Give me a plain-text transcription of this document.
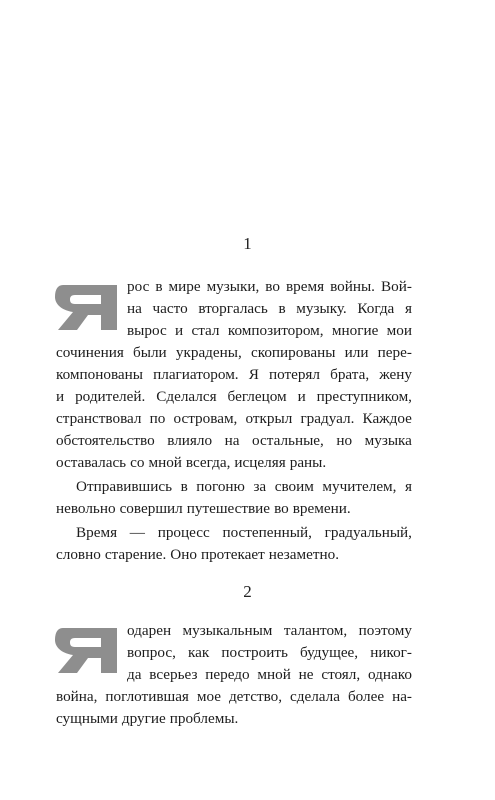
1
рос в мире музыки, во время войны. Вой-
на часто вторгалась в музыку. Когда я
вырос и стал композитором, многие мои
сочинения были украдены, скопированы или пере-
компонованы плагиатором. Я потерял брата, жену
и родителей. Сделался беглецом и преступником,
странствовал по островам, открыл градуал. Каждое
обстоятельство влияло на остальные, но музыка
оставалась со мной всегда, исцеляя раны.
Отправившись в погоню за своим мучителем, я
невольно совершил путешествие во времени.
Время — процесс постепенный, градуальный,
словно старение. Оно протекает незаметно.
2
одарен музыкальным талантом, поэтому
вопрос, как построить будущее, никог-
да всерьез передо мной не стоял, однако
война, поглотившая мое детство, сделала более на-
сущными другие проблемы.
